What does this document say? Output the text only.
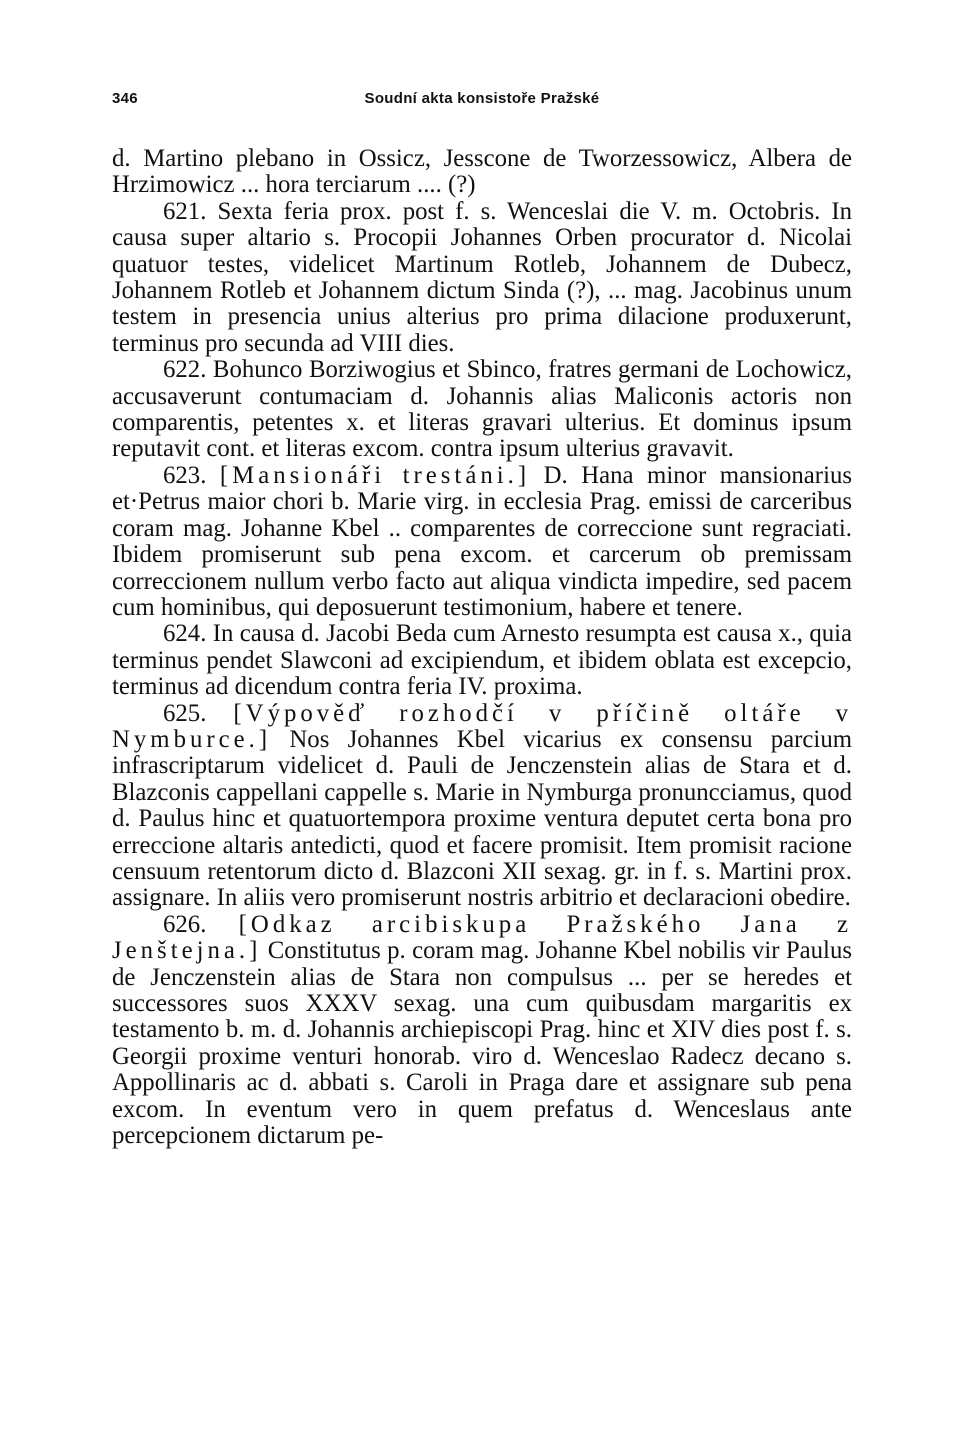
346	Soudní akta konsistoře Pražské

d. Martino plebano in Ossicz, Jesscone de Tworzessowicz, Albera de Hrzimowicz ... hora terciarum .... (?)

621. Sexta feria prox. post f. s. Wenceslai die V. m. Octobris. In causa super altario s. Procopii Johannes Orben procurator d. Nicolai quatuor testes, videlicet Martinum Rotleb, Johannem de Dubecz, Johannem Rotleb et Johannem dictum Sinda (?), ... mag. Jacobinus unum testem in presencia unius alterius pro prima dilacione produxerunt, terminus pro secunda ad VIII dies.

622. Bohunco Borziwogius et Sbinco, fratres germani de Lochowicz, accusaverunt contumaciam d. Johannis alias Maliconis actoris non comparentis, petentes x. et literas gravari ulterius. Et dominus ipsum reputavit cont. et literas excom. contra ipsum ulterius gravavit.

623. [Mansionáři trestáni.] D. Hana minor mansionarius et·Petrus maior chori b. Marie virg. in ecclesia Prag. emissi de carceribus coram mag. Johanne Kbel .. comparentes de correccione sunt regraciati. Ibidem promiserunt sub pena excom. et carcerum ob premissam correccionem nullum verbo facto aut aliqua vindicta impedire, sed pacem cum hominibus, qui deposuerunt testimonium, habere et tenere.

624. In causa d. Jacobi Beda cum Arnesto resumpta est causa x., quia terminus pendet Slawconi ad excipiendum, et ibidem oblata est excepcio, terminus ad dicendum contra feria IV. proxima.

625. [Výpověď rozhodčí v příčině oltáře v Nymburce.] Nos Johannes Kbel vicarius ex consensu parcium infrascriptarum videlicet d. Pauli de Jenczenstein alias de Stara et d. Blazconis cappellani cappelle s. Marie in Nymburga pronuncciamus, quod d. Paulus hinc et quatuortempora proxime ventura deputet certa bona pro erreccione altaris antedicti, quod et facere promisit. Item promisit racione censuum retentorum dicto d. Blazconi XII sexag. gr. in f. s. Martini prox. assignare. In aliis vero promiserunt nostris arbitrio et declaracioni obedire.

626. [Odkaz arcibiskupa Pražského Jana z Jenštejna.] Constitutus p. coram mag. Johanne Kbel nobilis vir Paulus de Jenczenstein alias de Stara non compulsus ... per se heredes et successores suos XXXV sexag. una cum quibusdam margaritis ex testamento b. m. d. Johannis archiepiscopi Prag. hinc et XIV dies post f. s. Georgii proxime venturi honorab. viro d. Wenceslao Radecz decano s. Appollinaris ac d. abbati s. Caroli in Praga dare et assignare sub pena excom. In eventum vero in quem prefatus d. Wenceslaus ante percepcionem dictarum pe-
